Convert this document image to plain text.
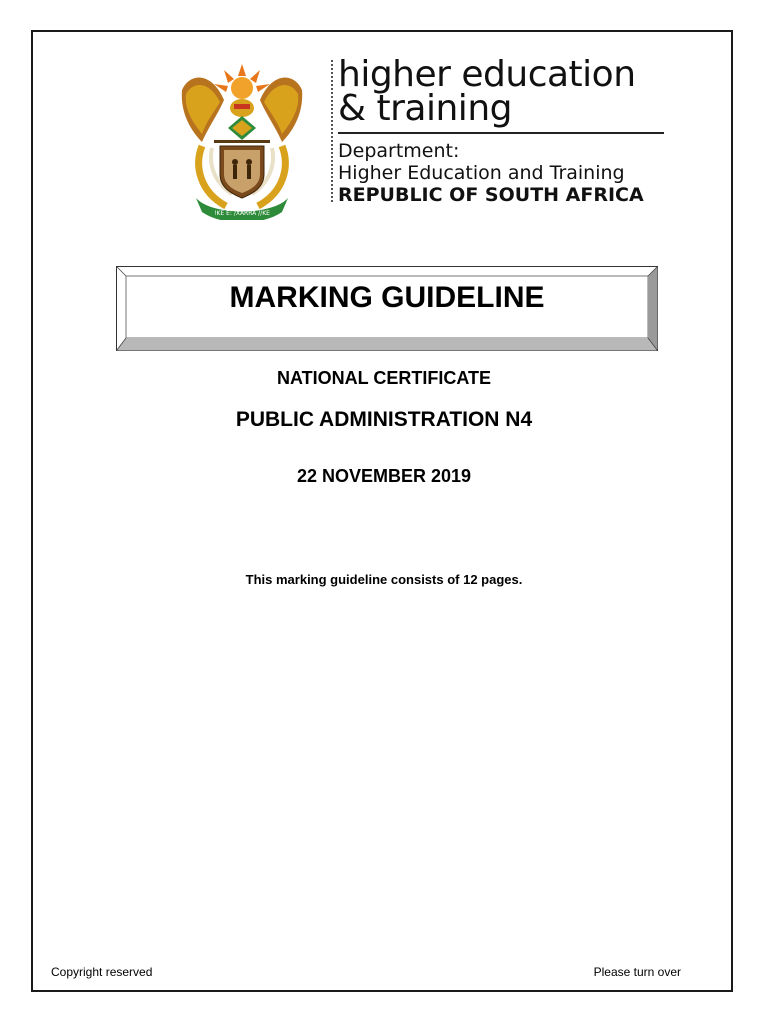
!KE E: /XARRA //KE
higher education
& training
Department:
Higher Education and Training
REPUBLIC OF SOUTH AFRICA
MARKING GUIDELINE
NATIONAL CERTIFICATE
PUBLIC ADMINISTRATION N4
22 NOVEMBER 2019
This marking guideline consists of 12 pages.
Copyright reserved	Please turn over
